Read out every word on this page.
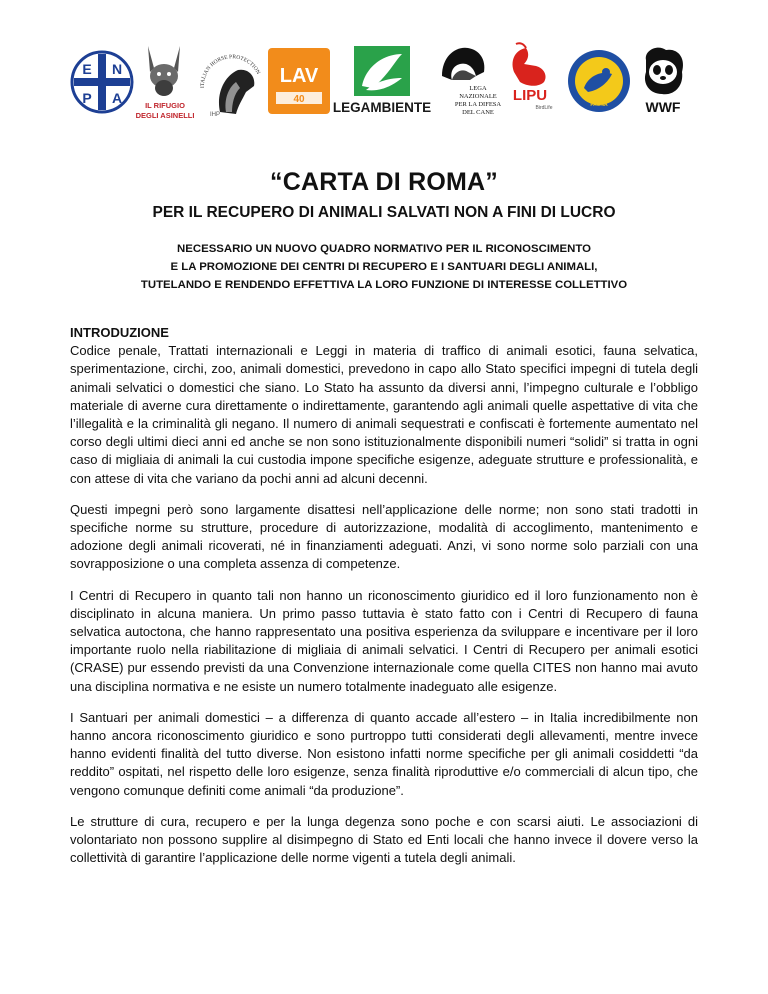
E N
P A	IL RIFUGIO
DEGLI ASINELLI
ITALIAN HORSE PROTECTION
IHP
LAV
40
LEGAMBIENTE
LEGA
NAZIONALE
PER LA DIFESA
DEL CANE
LIPU
BirdLife	FAUNA	WWF
“CARTA DI ROMA”
PER IL RECUPERO DI ANIMALI SALVATI NON A FINI DI LUCRO
NECESSARIO UN NUOVO QUADRO NORMATIVO PER IL RICONOSCIMENTO
E LA PROMOZIONE DEI CENTRI DI RECUPERO E I SANTUARI DEGLI ANIMALI,
TUTELANDO E RENDENDO EFFETTIVA LA LORO FUNZIONE DI INTERESSE COLLETTIVO
INTRODUZIONE

Codice penale, Trattati internazionali e Leggi in materia di traffico di animali esotici, fauna selvatica, sperimentazione, circhi, zoo, animali domestici, prevedono in capo allo Stato specifici impegni di tutela degli animali selvatici o domestici che siano. Lo Stato ha assunto da diversi anni, l’impegno culturale e l’obbligo materiale di averne cura direttamente o indirettamente, garantendo agli animali quelle aspettative di vita che l’illegalità e la criminalità gli negano. Il numero di animali sequestrati e confiscati è fortemente aumentato nel corso degli ultimi dieci anni ed anche se non sono istituzionalmente disponibili numeri “solidi” si tratta in ogni caso di migliaia di animali la cui custodia impone specifiche esigenze, adeguate strutture e professionalità, e con attese di vita che variano da pochi anni ad alcuni decenni.

Questi impegni però sono largamente disattesi nell’applicazione delle norme; non sono stati tradotti in specifiche norme su strutture, procedure di autorizzazione, modalità di accoglimento, mantenimento e adozione degli animali ricoverati, né in finanziamenti adeguati. Anzi, vi sono norme solo parziali con una sovrapposizione o una completa assenza di competenze.

I Centri di Recupero in quanto tali non hanno un riconoscimento giuridico ed il loro funzionamento non è disciplinato in alcuna maniera. Un primo passo tuttavia è stato fatto con i Centri di Recupero di fauna selvatica autoctona, che hanno rappresentato una positiva esperienza da sviluppare e incentivare per il loro importante ruolo nella riabilitazione di migliaia di animali selvatici. I Centri di Recupero per animali esotici (CRASE) pur essendo previsti da una Convenzione internazionale come quella CITES non hanno mai avuto una disciplina normativa e ne esiste un numero totalmente inadeguato alle esigenze.

I Santuari per animali domestici – a differenza di quanto accade all’estero – in Italia incredibilmente non hanno ancora riconoscimento giuridico e sono purtroppo tutti considerati degli allevamenti, mentre invece hanno evidenti finalità del tutto diverse. Non esistono infatti norme specifiche per gli animali cosiddetti “da reddito” ospitati, nel rispetto delle loro esigenze, senza finalità riproduttive e/o commerciali di alcun tipo, che vengono comunque definiti come animali “da produzione”.

Le strutture di cura, recupero e per la lunga degenza sono poche e con scarsi aiuti. Le associazioni di volontariato non possono supplire al disimpegno di Stato ed Enti locali che hanno invece il dovere verso la collettività di garantire l’applicazione delle norme vigenti a tutela degli animali.
